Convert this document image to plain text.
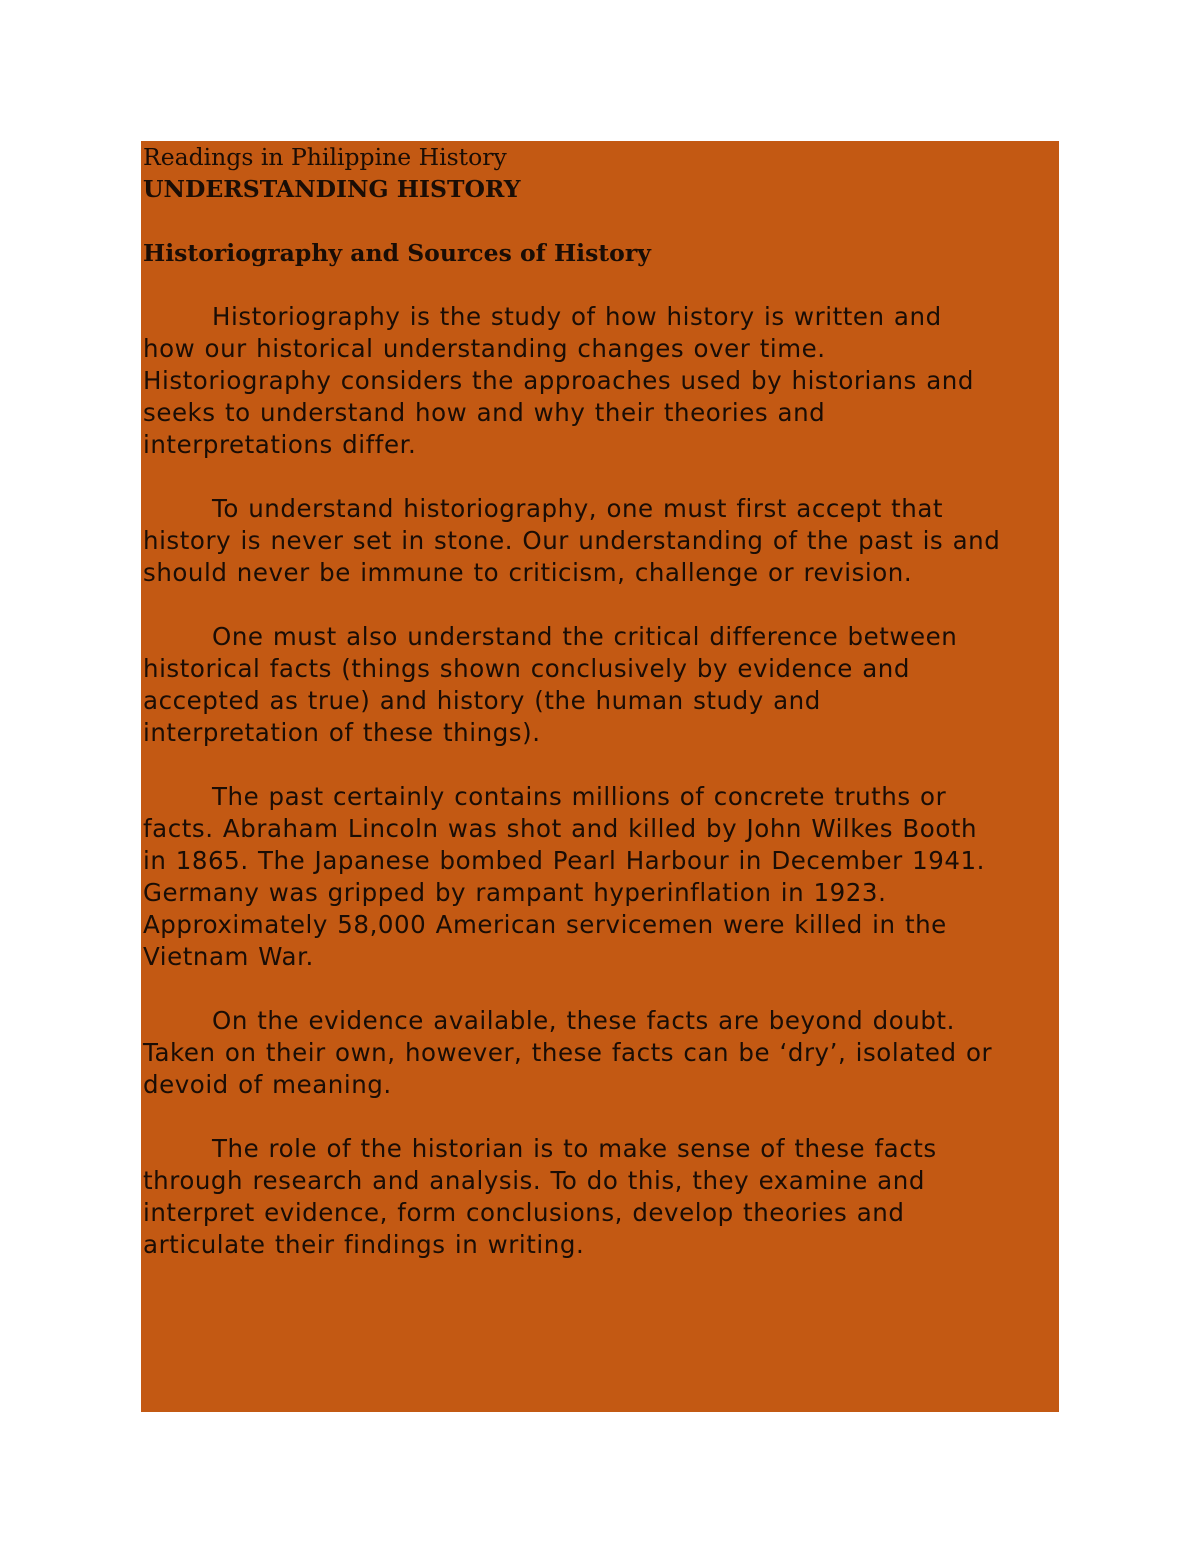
Readings in Philippine History

UNDERSTANDING HISTORY

Historiography and Sources of History

Historiography is the study of how history is written and
how our historical understanding changes over time.
Historiography considers the approaches used by historians and
seeks to understand how and why their theories and
interpretations differ.

To understand historiography, one must first accept that
history is never set in stone. Our understanding of the past is and
should never be immune to criticism, challenge or revision.

One must also understand the critical difference between
historical facts (things shown conclusively by evidence and
accepted as true) and history (the human study and
interpretation of these things).

The past certainly contains millions of concrete truths or
facts. Abraham Lincoln was shot and killed by John Wilkes Booth
in 1865. The Japanese bombed Pearl Harbour in December 1941.
Germany was gripped by rampant hyperinflation in 1923.
Approximately 58,000 American servicemen were killed in the
Vietnam War.

On the evidence available, these facts are beyond doubt.
Taken on their own, however, these facts can be ‘dry’, isolated or
devoid of meaning.

The role of the historian is to make sense of these facts
through research and analysis. To do this, they examine and
interpret evidence, form conclusions, develop theories and
articulate their findings in writing.
